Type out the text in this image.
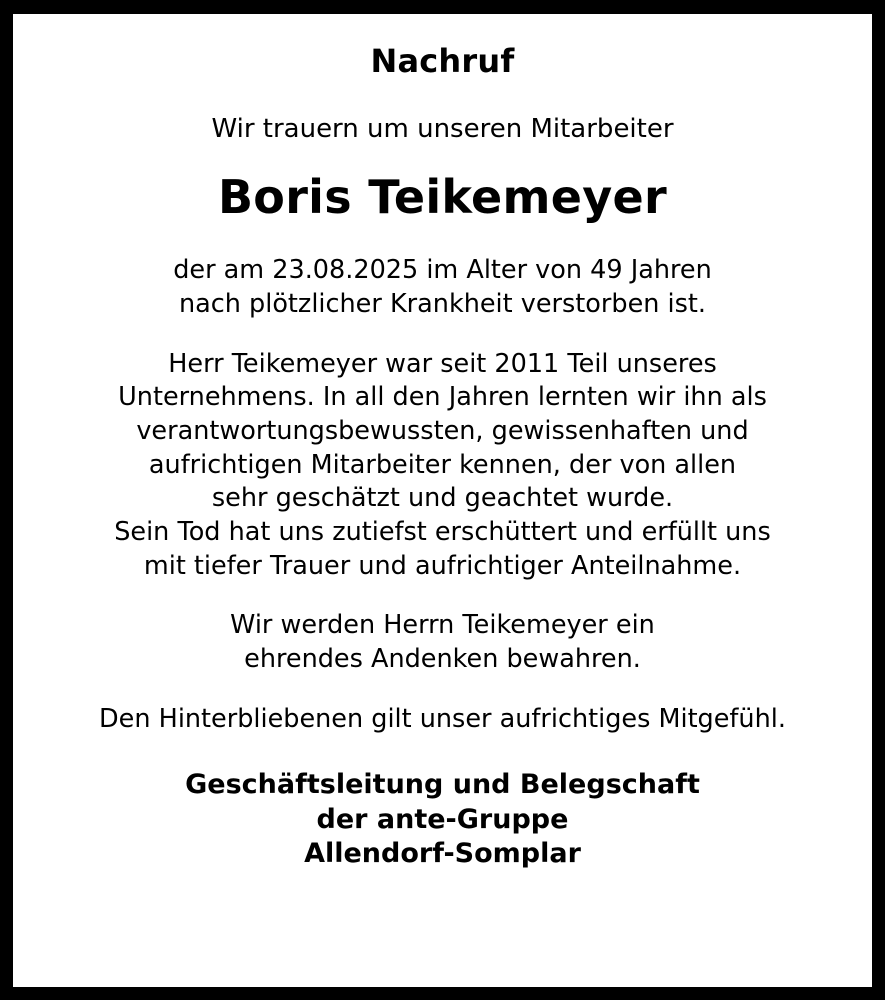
Nachruf
Wir trauern um unseren Mitarbeiter
Boris Teikemeyer
der am 23.08.2025 im Alter von 49 Jahren
nach plötzlicher Krankheit verstorben ist.
Herr Teikemeyer war seit 2011 Teil unseres
Unternehmens. In all den Jahren lernten wir ihn als
verantwortungsbewussten, gewissenhaften und
aufrichtigen Mitarbeiter kennen, der von allen
sehr geschätzt und geachtet wurde.
Sein Tod hat uns zutiefst erschüttert und erfüllt uns
mit tiefer Trauer und aufrichtiger Anteilnahme.
Wir werden Herrn Teikemeyer ein
ehrendes Andenken bewahren.
Den Hinterbliebenen gilt unser aufrichtiges Mitgefühl.
Geschäftsleitung und Belegschaft
der ante-Gruppe
Allendorf-Somplar
